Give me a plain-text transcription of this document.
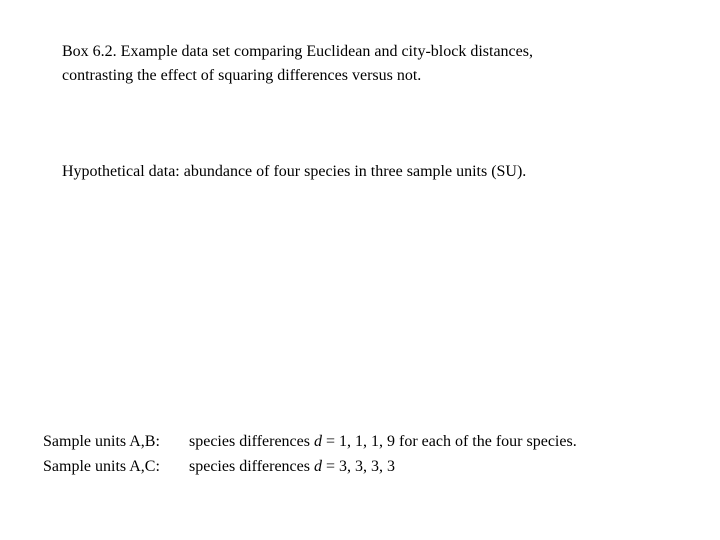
Box 6.2. Example data set comparing Euclidean and city-block distances,

contrasting the effect of squaring differences versus not.

Hypothetical data: abundance of four species in three sample units (SU).
Sample units A,B:	species differences d = 1, 1, 1, 9 for each of the four species.
Sample units A,C:	species differences d = 3, 3, 3, 3
